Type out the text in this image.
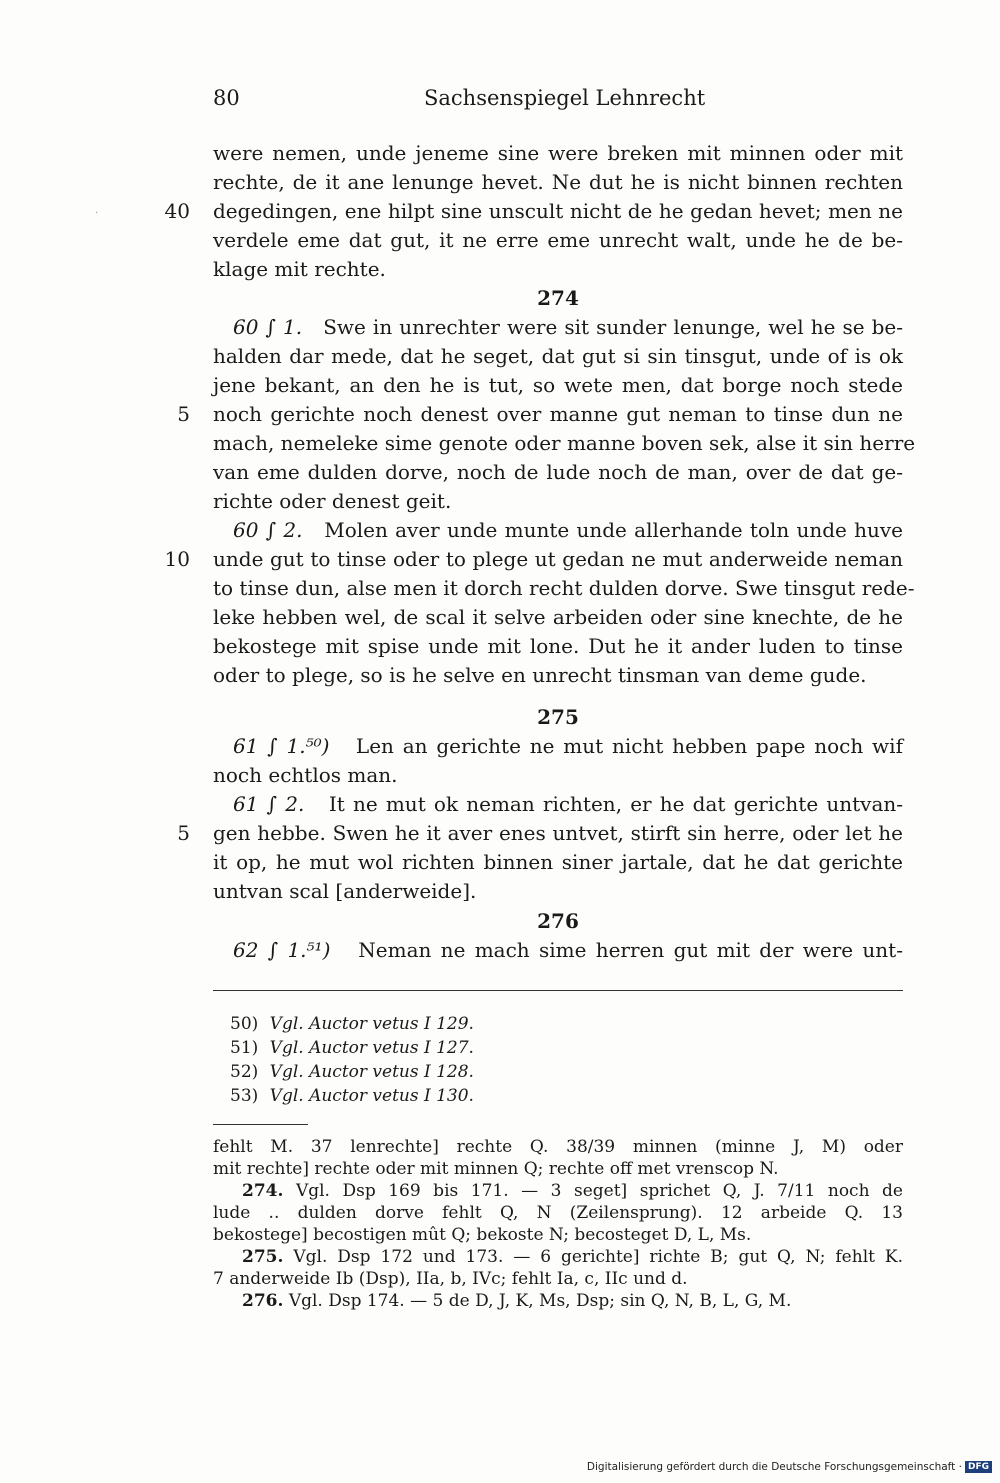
80	Sachsenspiegel Lehnrecht
·
were nemen, unde jeneme sine were breken mit minnen oder mit
rechte, de it ane lenunge hevet. Ne dut he is nicht binnen rechten
degedingen, ene hilpt sine unscult nicht de he gedan hevet; men ne
verdele eme dat gut, it ne erre eme unrecht walt, unde he de be-
klage mit rechte.
40
274
60 ∫ 1. Swe in unrechter were sit sunder lenunge, wel he se be-
halden dar mede, dat he seget, dat gut si sin tinsgut, unde of is ok
jene bekant, an den he is tut, so wete men, dat borge noch stede
noch gerichte noch denest over manne gut neman to tinse dun ne
mach, nemeleke sime genote oder manne boven sek, alse it sin herre
van eme dulden dorve, noch de lude noch de man, over de dat ge-
richte oder denest geit.
60 ∫ 2. Molen aver unde munte unde allerhande toln unde huve
unde gut to tinse oder to plege ut gedan ne mut anderweide neman
to tinse dun, alse men it dorch recht dulden dorve. Swe tinsgut rede-
leke hebben wel, de scal it selve arbeiden oder sine knechte, de he
bekostege mit spise unde mit lone. Dut he it ander luden to tinse
oder to plege, so is he selve en unrecht tinsman van deme gude.
5
10
275
61 ∫ 1.⁵⁰) Len an gerichte ne mut nicht hebben pape noch wif
noch echtlos man.
61 ∫ 2. It ne mut ok neman richten, er he dat gerichte untvan-
gen hebbe. Swen he it aver enes untvet, stirft sin herre, oder let he
it op, he mut wol richten binnen siner jartale, dat he dat gerichte
untvan scal [anderweide].
5
276
62 ∫ 1.⁵¹) Neman ne mach sime herren gut mit der were unt-
50) Vgl. Auctor vetus I 129.
51) Vgl. Auctor vetus I 127.
52) Vgl. Auctor vetus I 128.
53) Vgl. Auctor vetus I 130.
fehlt M. 37 lenrechte] rechte Q. 38/39 minnen (minne J, M) oder
mit rechte] rechte oder mit minnen Q; rechte off met vrenscop N.
274. Vgl. Dsp 169 bis 171. — 3 seget] sprichet Q, J. 7/11 noch de
lude .. dulden dorve fehlt Q, N (Zeilensprung). 12 arbeide Q. 13
bekostege] becostigen mût Q; bekoste N; becosteget D, L, Ms.
275. Vgl. Dsp 172 und 173. — 6 gerichte] richte B; gut Q, N; fehlt K.
7 anderweide Ib (Dsp), IIa, b, IVc; fehlt Ia, c, IIc und d.
276. Vgl. Dsp 174. — 5 de D, J, K, Ms, Dsp; sin Q, N, B, L, G, M.
Digitalisierung gefördert durch die Deutsche Forschungsgemeinschaft · DFG
